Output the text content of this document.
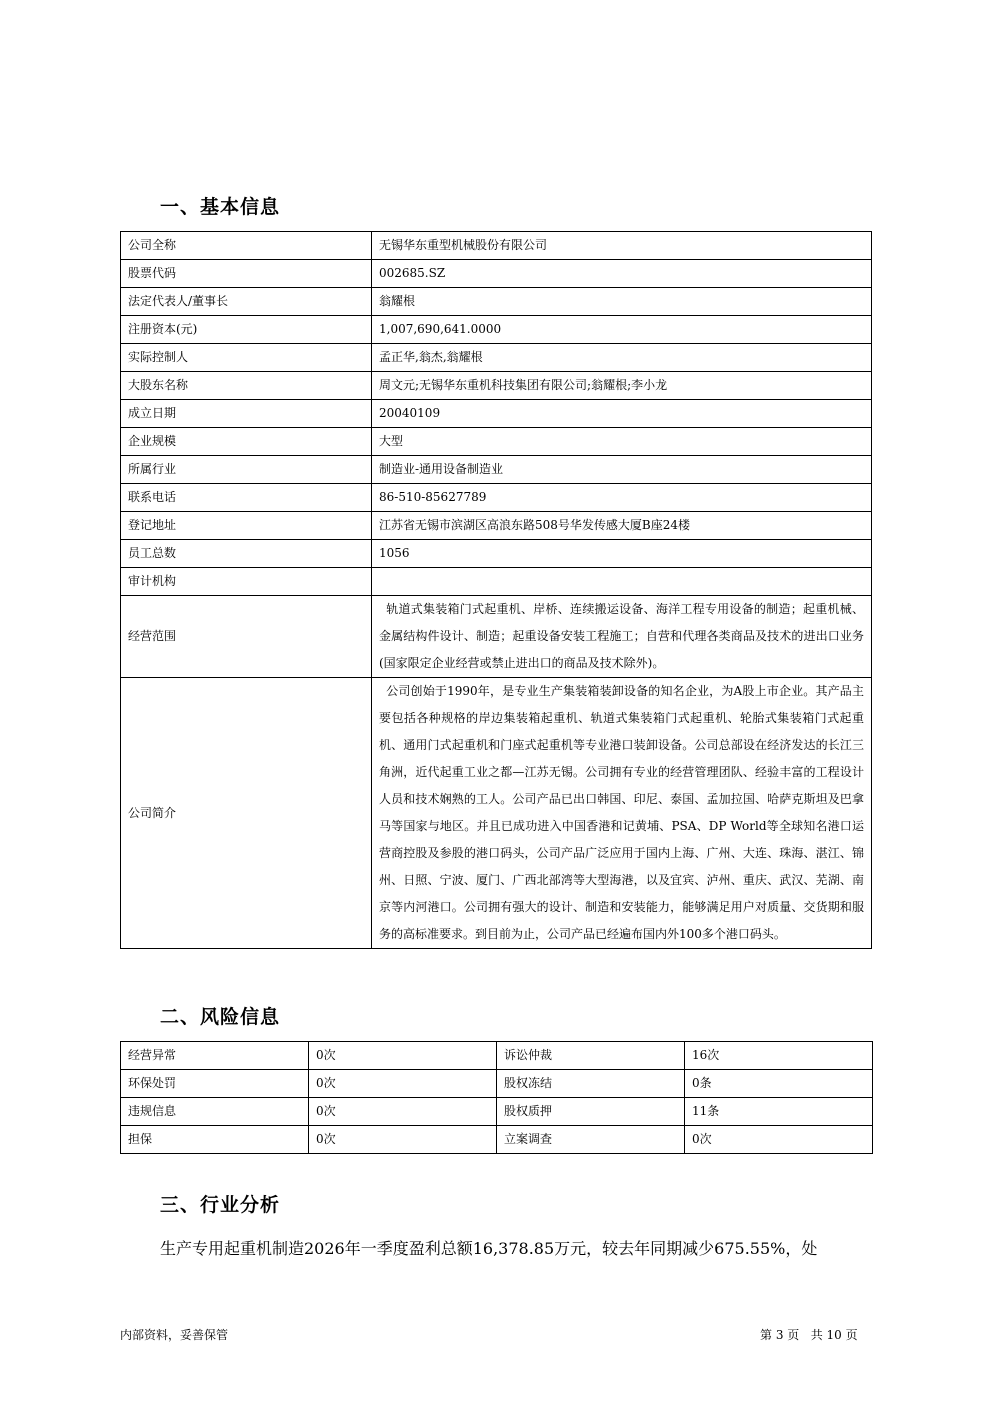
一、基本信息
公司全称	无锡华东重型机械股份有限公司
股票代码	002685.SZ
法定代表人/董事长	翁耀根
注册资本(元)	1,007,690,641.0000
实际控制人	孟正华,翁杰,翁耀根
大股东名称	周文元;无锡华东重机科技集团有限公司;翁耀根;李小龙
成立日期	20040109
企业规模	大型
所属行业	制造业-通用设备制造业
联系电话	86-510-85627789
登记地址	江苏省无锡市滨湖区高浪东路508号华发传感大厦B座24楼
员工总数	1056
审计机构	
经营范围	轨道式集装箱门式起重机、岸桥、连续搬运设备、海洋工程专用设备的制造；起重机械、金属结构件设计、制造；起重设备安装工程施工；自营和代理各类商品及技术的进出口业务(国家限定企业经营或禁止进出口的商品及技术除外)。
公司简介	公司创始于1990年，是专业生产集装箱装卸设备的知名企业，为A股上市企业。其产品主要包括各种规格的岸边集装箱起重机、轨道式集装箱门式起重机、轮胎式集装箱门式起重机、通用门式起重机和门座式起重机等专业港口装卸设备。公司总部设在经济发达的长江三角洲，近代起重工业之都—江苏无锡。公司拥有专业的经营管理团队、经验丰富的工程设计人员和技术娴熟的工人。公司产品已出口韩国、印尼、泰国、孟加拉国、哈萨克斯坦及巴拿马等国家与地区。并且已成功进入中国香港和记黄埔、PSA、DP World等全球知名港口运营商控股及参股的港口码头，公司产品广泛应用于国内上海、广州、大连、珠海、湛江、锦州、日照、宁波、厦门、广西北部湾等大型海港，以及宜宾、泸州、重庆、武汉、芜湖、南京等内河港口。公司拥有强大的设计、制造和安装能力，能够满足用户对质量、交货期和服务的高标准要求。到目前为止，公司产品已经遍布国内外100多个港口码头。
二、风险信息
经营异常	0次	诉讼仲裁	16次
环保处罚	0次	股权冻结	0条
违规信息	0次	股权质押	11条
担保	0次	立案调查	0次
三、行业分析

生产专用起重机制造2026年一季度盈利总额16,378.85万元，较去年同期减少675.55%，处

内部资料，妥善保管	第 3 页   共 10 页
